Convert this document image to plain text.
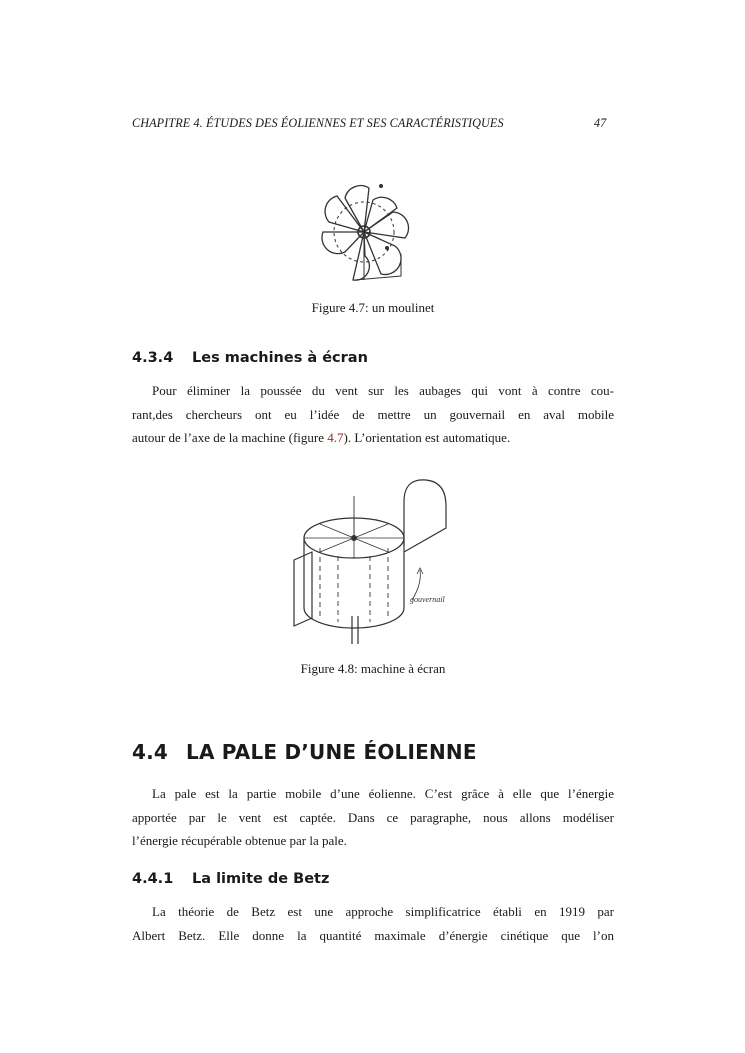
CHAPITRE 4. ÉTUDES DES ÉOLIENNES ET SES CARACTÉRISTIQUES	47
Figure 4.7: un moulinet
4.3.4 Les machines à écran
Pour éliminer la poussée du vent sur les aubages qui vont à contre cou-
rant,des chercheurs ont eu l’idée de mettre un gouvernail en aval mobile
autour de l’axe de la machine (figure 4.7). L’orientation est automatique.
gouvernail
Figure 4.8: machine à écran
4.4 LA PALE D’UNE ÉOLIENNE
La pale est la partie mobile d’une éolienne. C’est grâce à elle que l’énergie
apportée par le vent est captée. Dans ce paragraphe, nous allons modéliser
l’énergie récupérable obtenue par la pale.
4.4.1 La limite de Betz
La théorie de Betz est une approche simplificatrice établi en 1919 par
Albert Betz. Elle donne la quantité maximale d’énergie cinétique que l’on
